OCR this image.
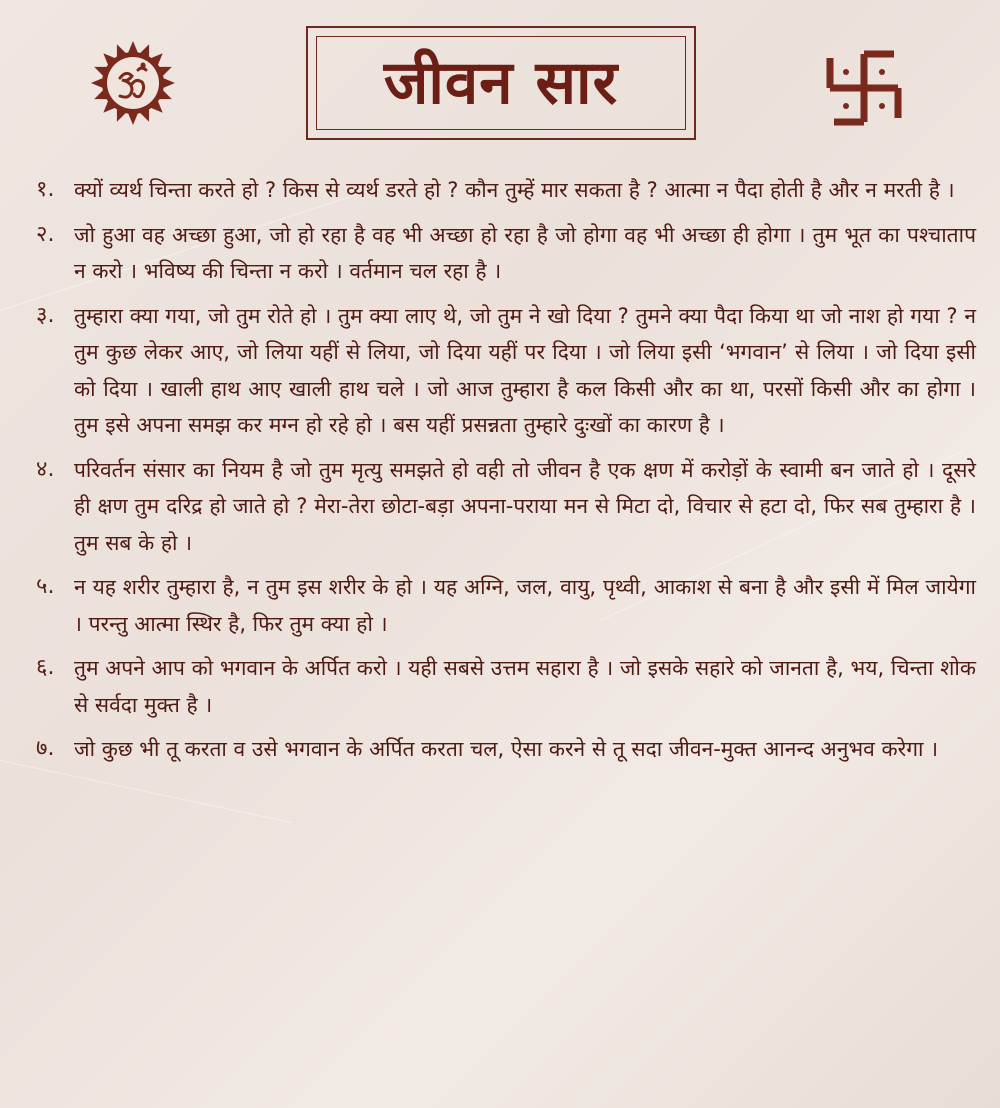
जीवन सार
१. क्यों व्यर्थ चिन्ता करते हो ? किस से व्यर्थ डरते हो ? कौन तुम्हें मार सकता है ? आत्मा न पैदा होती है और न मरती है ।
२. जो हुआ वह अच्छा हुआ, जो हो रहा है वह भी अच्छा हो रहा है जो होगा वह भी अच्छा ही होगा । तुम भूत का पश्चाताप न करो । भविष्य की चिन्ता न करो । वर्तमान चल रहा है ।
३. तुम्हारा क्या गया, जो तुम रोते हो । तुम क्या लाए थे, जो तुम ने खो दिया ? तुमने क्या पैदा किया था जो नाश हो गया ? न तुम कुछ लेकर आए, जो लिया यहीं से लिया, जो दिया यहीं पर दिया । जो लिया इसी ‘भगवान’ से लिया । जो दिया इसी को दिया । खाली हाथ आए खाली हाथ चले । जो आज तुम्हारा है कल किसी और का था, परसों किसी और का होगा । तुम इसे अपना समझ कर मग्न हो रहे हो । बस यहीं प्रसन्नता तुम्हारे दुःखों का कारण है ।
४. परिवर्तन संसार का नियम है जो तुम मृत्यु समझते हो वही तो जीवन है एक क्षण में करोड़ों के स्वामी बन जाते हो । दूसरे ही क्षण तुम दरिद्र हो जाते हो ? मेरा-तेरा छोटा-बड़ा अपना-पराया मन से मिटा दो, विचार से हटा दो, फिर सब तुम्हारा है । तुम सब के हो ।
५. न यह शरीर तुम्हारा है, न तुम इस शरीर के हो । यह अग्नि, जल, वायु, पृथ्वी, आकाश से बना है और इसी में मिल जायेगा । परन्तु आत्मा स्थिर है, फिर तुम क्या हो ।
६. तुम अपने आप को भगवान के अर्पित करो । यही सबसे उत्तम सहारा है । जो इसके सहारे को जानता है, भय, चिन्ता शोक से सर्वदा मुक्त है ।
७. जो कुछ भी तू करता व उसे भगवान के अर्पित करता चल, ऐसा करने से तू सदा जीवन-मुक्त आनन्द अनुभव करेगा ।
